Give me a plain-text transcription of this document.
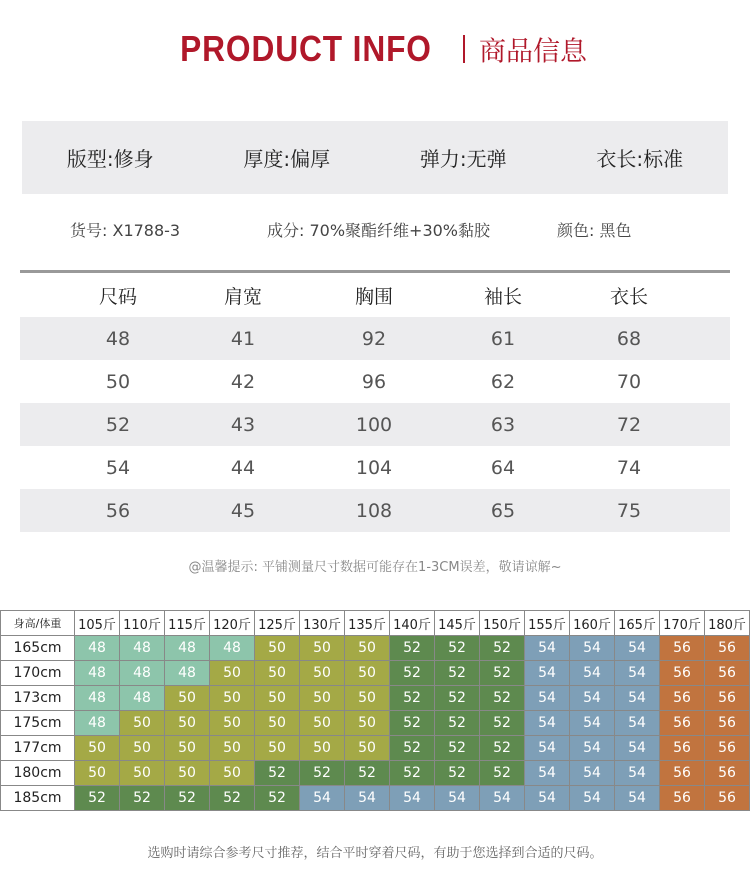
PRODUCT INFO 商品信息
版型:修身	厚度:偏厚	弹力:无弹	衣长:标准
货号: X1788-3	成分: 70%聚酯纤维+30%黏胶	颜色: 黑色
尺码	肩宽	胸围	袖长	衣长
48	41	92	61	68
50	42	96	62	70
52	43	100	63	72
54	44	104	64	74
56	45	108	65	75
@温馨提示: 平铺测量尺寸数据可能存在1-3CM误差，敬请谅解~
身高/体重	105斤	110斤	115斤	120斤	125斤	130斤	135斤	140斤	145斤	150斤	155斤	160斤	165斤	170斤	180斤
165cm	48	48	48	48	50	50	50	52	52	52	54	54	54	56	56
170cm	48	48	48	50	50	50	50	52	52	52	54	54	54	56	56
173cm	48	48	50	50	50	50	50	52	52	52	54	54	54	56	56
175cm	48	50	50	50	50	50	50	52	52	52	54	54	54	56	56
177cm	50	50	50	50	50	50	50	52	52	52	54	54	54	56	56
180cm	50	50	50	50	52	52	52	52	52	52	54	54	54	56	56
185cm	52	52	52	52	52	54	54	54	54	54	54	54	54	56	56
选购时请综合参考尺寸推荐，结合平时穿着尺码，有助于您选择到合适的尺码。
